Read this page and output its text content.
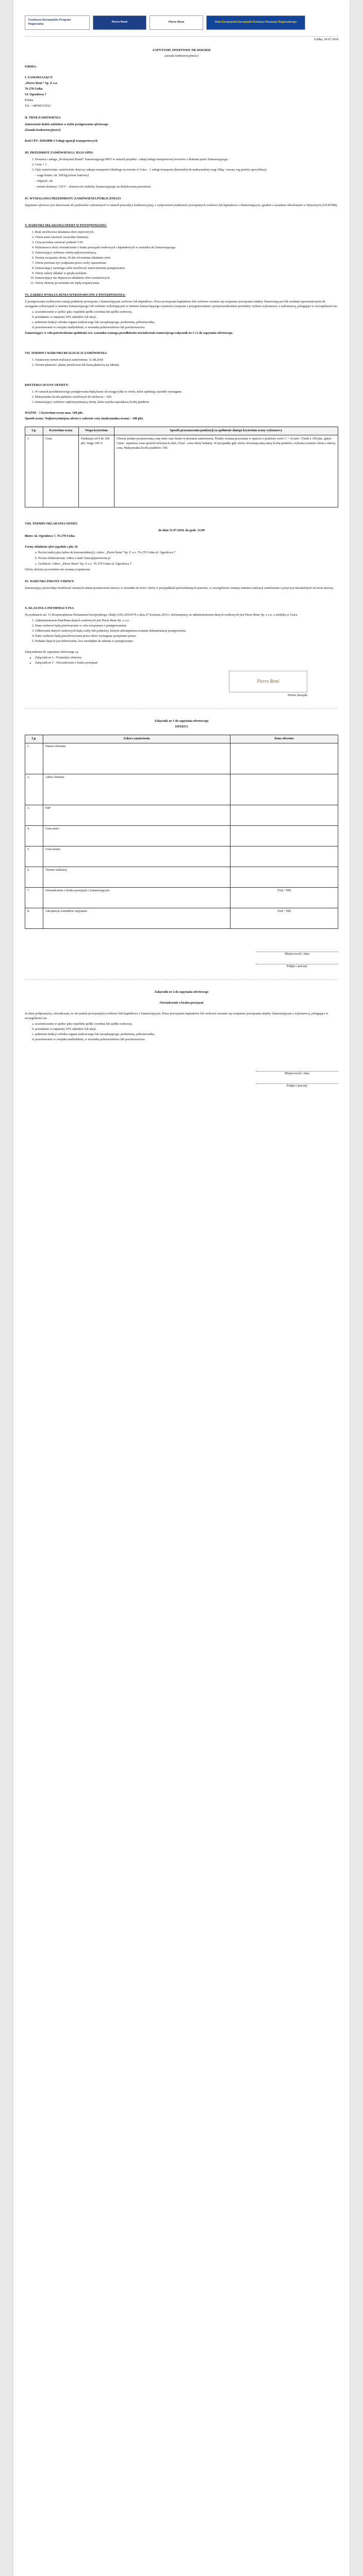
Fundusze Europejskie Program Regionalny
Pierre René	Pierre René	Unia Europejska Europejski Fundusz Rozwoju Regionalnego

Łódka, 24.07.2018

ZAPYTANIE OFERTOWE NR 2018/2018

(zasada konkurencyjności)

FIRMA:

I. ZAMAWIAJĄCY:

„Pierre Rene” Sp. Z o.o.

76-270 Ustka

Ul. Ogrodowa 7

Polska

Tel.: +48598153522

II. TRYB ZAMÓWIENIA

Zamówienie bedzie udzielane w trybie postępowania ofertowego

(Zasada konkurencyjności)

Kod CPV: 42923000-2 Usługi agencji transportowych

III. PRZEDMIOT ZAMÓWIENIA I JEGO OPIS:

1. Dostawa i usługa „Profesjonal Brand” Zamawiającego RPO w ramach projektu - zakup usługi transportowej towarów z Rumuni przez Zamawiającego.
2. Cena = 1.
3. Opis zamówienia: zamówienie dotyczy zakupu transportu lokalnego na terenie w Ustce - 1 usługi transportu (kurierski) do maksymalnej wagi 20kg - towary wg poniżej specyfikacji:

- waga brutto: ok. 500 kg (towar hurtowy)

- objętość: ok.

- termin dostawy: CIF/C - dostawa do siedziby Zamawiającego na dedykowaną przestrzeń.

IV. WYMAGANIA PRZEDMIOTU ZAMÓWIENIA PUBLICZNEGO

Zapytanie ofertowe jest skierowane do podmiotów wyłonionych w ramach procedury konkurencyjnej, z wyłączeniem podmiotów powiązanych osobowo lub kapitałowo z Zamawiającym, zgodnie z zasadami określonymi w Wytycznych (UE/EFRR).

V. WARUNKI SKŁADANIA OFERT W POSTĘPOWANIU:

1. Brak możliwości składania ofert częściowych.
2. Oferta musi zawierać wszystkie elementy.
3. Cena powinna zawierać podatek VAT.
4. Wykonawca złoży oświadczenie o braku powiązań osobowych i kapitałowych w stosunku do Zamawiającego.
5. Zamawiający wybierze ofertę najkorzystniejszą.
6. Termin związania ofertą: 30 dni od terminu składania ofert.
7. Oferta powinna być podpisana przez osoby uprawnione.
8. Zamawiający zastrzega sobie możliwość unieważnienia postępowania.
9. Oferty należy składać w języku polskim.
10. Zamawiający nie dopuszcza składania ofert wariantowych.
11. Oferty złożone po terminie nie będą rozpatrywane.

VI. ZAKRES WYKLUCZENIA WYKONAWCÓW Z POSTĘPOWANIA:

Z postępowania wykluczeni zostają podmioty powiązane z Zamawiającym osobowo lub kapitałowo. Przez powiązania kapitałowe lub osobowe rozumie się wzajemne powiązania między Zamawiającym lub osobami upoważnionymi do zaciągania zobowiązań w imieniu Zamawiającego lub osobami wykonującymi w imieniu Zamawiającego czynności związane z przygotowaniem i przeprowadzeniem procedury wyboru wykonawcy a wykonawcą, polegające w szczególności na:

a. uczestniczeniu w spółce jako wspólnik spółki cywilnej lub spółki osobowej,
b. posiadaniu co najmniej 10% udziałów lub akcji,
c. pełnieniu funkcji członka organu nadzorczego lub zarządzającego, prokurenta, pełnomocnika,
d. pozostawaniu w związku małżeńskim, w stosunku pokrewieństwa lub powinowactwa.

Zamawiający w celu potwierdzenia spełnienia ww. warunku wymaga przedłożenia oświadczenia stanowiącego załącznik nr 1 i 2 do zapytania ofertowego.

VII. TERMIN I WARUNKI REALIZACJI ZAMÓWIENIA:

1. Ostateczny termin realizacji zamówienia: 31.08.2018
2. Termin płatności: płatne przelewem lub kartą płatniczą na fakturę.

KRYTERIA OCENY OFERTY:

1. W ramach przedmiotowego postępowania będą brane od uwagę tylko te oferty, które spełniają warunki wymagane.
2. Maksymalna liczba punktów możliwych do zdobycia – 100.
3. Zamawiający wybierze najkorzystniejszą ofertę, która uzyska największą liczbę punktów.

WAŻNE - 1 kryterium oceny max. 100 pkt.

Sposób oceny: Najkorzystniejsza oferta w zakresie ceny (maksymalna ocena) – 100 pkt.

Lp.	Kryterium oceny	Waga kryterium	Sposób przyznawania punktacji za spełnienie danego kryterium oceny wykonawcy
1.	Cena	Punktacja od 0 do 100 pkt. Waga 100 %	Oferent podaje proponowaną cenę netto oraz brutto wykonania zamówienia. Punkty zostaną przyznane w oparciu o poniższy wzór: C = (Cmin / Cbad) x 100 pkt., gdzie: Cmin - najniższa cena spośród złożonych ofert, Cbad - cena oferty badanej. W przypadku gdy oferty otrzymają taką samą liczbę punktów, wybrana zostanie oferta z niższą ceną. Maksymalna liczba punktów: 100.

VIII. TERMIN SKŁADANIA OFERT:

do dnia 31.07.2018, do godz. 12.00

Biuro: ul. Ogrodowa 7, 76-270 Ustka

Formy składania ofert (zgodnie z pkt. 9):

a. Poczta tradycyjna (adres do korespondencji): Adres: „Pierre Rene” Sp. Z o.o. 76-270 Ustka ul. Ogrodowa 7

b. Poczta elektroniczna: Adres e-mail: biuro@pierrerene.pl

c. Osobiście: Adres: „Pierre Rene” Sp. Z o.o. 76-270 Ustka ul. Ogrodowa 7

Oferty złożone po terminie nie zostaną rozpatrzone.

IX. WARUNKI ZMIANY UMOWY:

Zamawiający przewiduje możliwość istotnych zmian postanowień umowy w stosunku do treści oferty w przypadkach przewidzianych prawem, w szczególności zmiany terminu realizacji zamówienia z przyczyn niezależnych od stron umowy.

X. KLAUZULA INFORMACYJNA

Na podstawie art. 13 Rozporządzenia Parlamentu Europejskiego i Rady (UE) 2016/679 z dnia 27 kwietnia 2016 r. informujemy, że administratorem danych osobowych jest Pierre Rene Sp. z o.o. z siedzibą w Ustce.

1. Administratorem Pani/Pana danych osobowych jest Pierre Rene Sp. z o.o.
2. Dane osobowe będą przetwarzane w celu związanym z postępowaniem.
3. Odbiorcami danych osobowych będą osoby lub podmioty, którym udostępniona zostanie dokumentacja postępowania.
4. Dane osobowe będą przechowywane przez okres wymagany przepisami prawa.
5. Podanie danych jest dobrowolne, lecz niezbędne do udziału w postępowaniu.

Załącznikami do zapytania ofertowego są:

• Załącznik nr 1 - Formularz ofertowy
• Załącznik nr 2 - Oświadczenie o braku powiązań
Pierre René

Prezes Zarządu

Załącznik nr 1 do zapytania ofertowego

OFERTA

Lp.	Zakres zamówienia	Dane oferenta
1.	Nazwa oferenta	
2.	Adres oferenta	
3.	NIP	
4.	Cena netto	
5.	Cena brutto	
6.	Termin realizacji	
7.	Oświadczenie o braku powiązań z Zamawiającym	TAK / NIE
8.	Akceptacja warunków zapytania	TAK / NIE
Miejscowość i data
Podpis i pieczęć

Załącznik nr 2 do zapytania ofertowego

Oświadczenie o braku powiązań

Ja niżej podpisany(a), oświadczam, że nie jestem powiązany(a) osobowo lub kapitałowo z Zamawiającym. Przez powiązania kapitałowe lub osobowe rozumie się wzajemne powiązania między Zamawiającym a wykonawcą, polegające w szczególności na:

a. uczestniczeniu w spółce jako wspólnik spółki cywilnej lub spółki osobowej,
b. posiadaniu co najmniej 10% udziałów lub akcji,
c. pełnieniu funkcji członka organu nadzorczego lub zarządzającego, prokurenta, pełnomocnika,
d. pozostawaniu w związku małżeńskim, w stosunku pokrewieństwa lub powinowactwa.
Miejscowość i data
Podpis i pieczęć
